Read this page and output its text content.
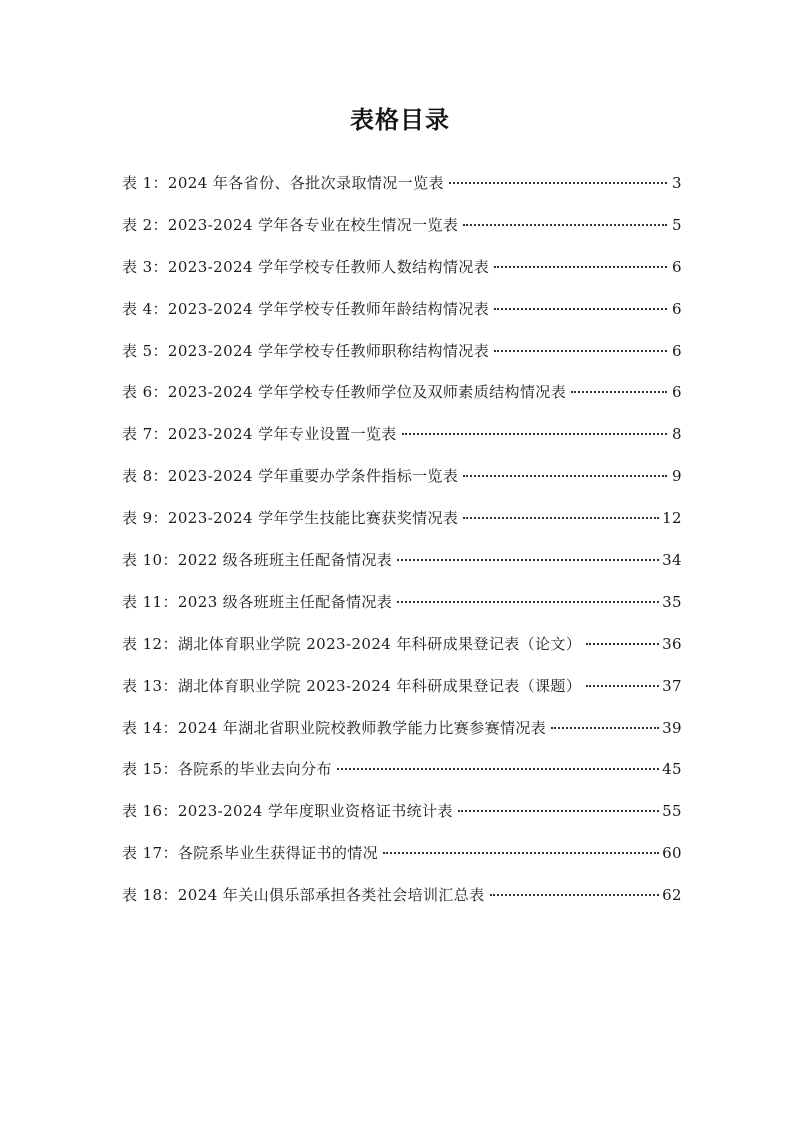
表格目录
表 1： 2024 年各省份、各批次录取情况一览表	3
表 2： 2023-2024 学年各专业在校生情况一览表	5
表 3： 2023-2024 学年学校专任教师人数结构情况表	6
表 4： 2023-2024 学年学校专任教师年龄结构情况表	6
表 5： 2023-2024 学年学校专任教师职称结构情况表	6
表 6： 2023-2024 学年学校专任教师学位及双师素质结构情况表	6
表 7： 2023-2024 学年专业设置一览表	8
表 8： 2023-2024 学年重要办学条件指标一览表	9
表 9： 2023-2024 学年学生技能比赛获奖情况表	12
表 10： 2022 级各班班主任配备情况表	34
表 11： 2023 级各班班主任配备情况表	35
表 12： 湖北体育职业学院 2023-2024 年科研成果登记表（论文）	36
表 13： 湖北体育职业学院 2023-2024 年科研成果登记表（课题）	37
表 14： 2024 年湖北省职业院校教师教学能力比赛参赛情况表	39
表 15： 各院系的毕业去向分布	45
表 16： 2023-2024 学年度职业资格证书统计表	55
表 17： 各院系毕业生获得证书的情况	60
表 18： 2024 年关山俱乐部承担各类社会培训汇总表	62
